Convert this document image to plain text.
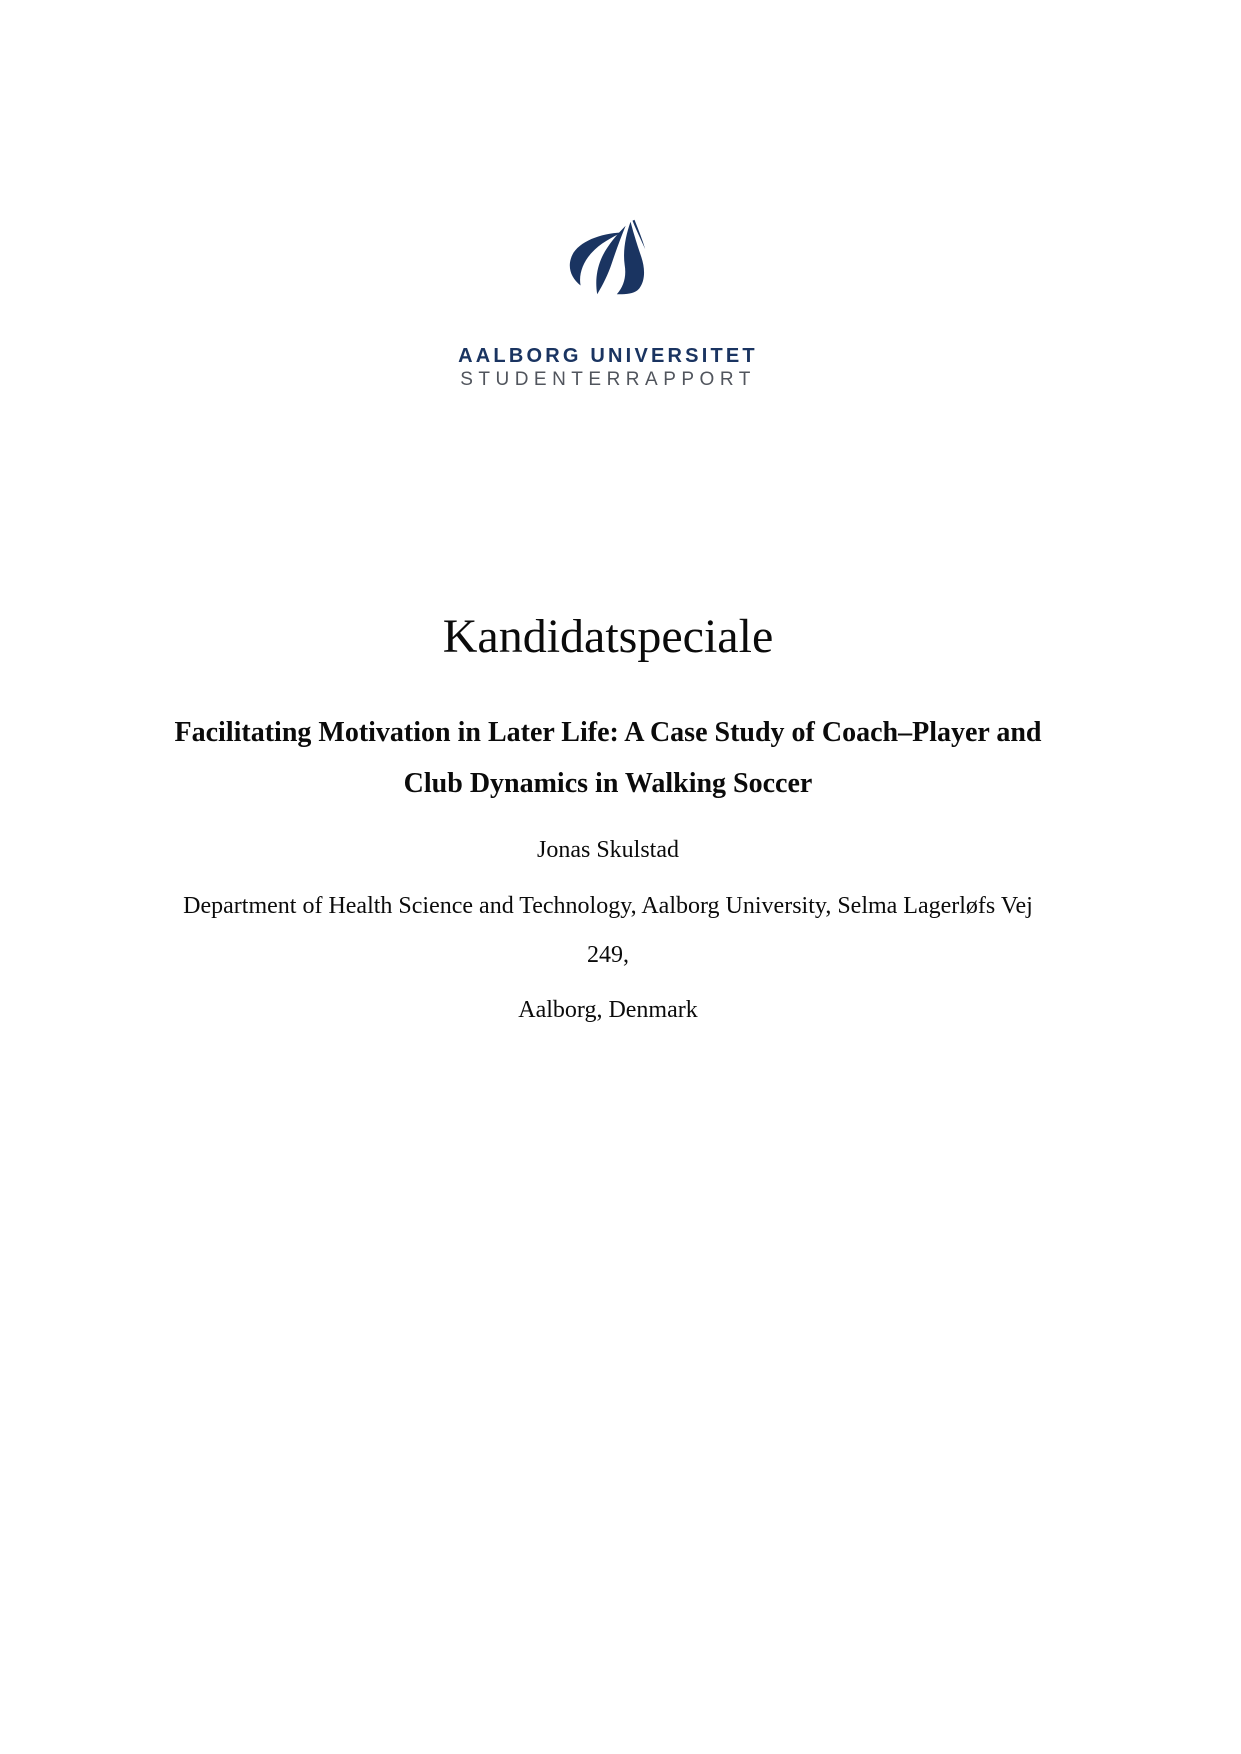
AALBORG UNIVERSITET
STUDENTERRAPPORT
Kandidatspeciale
Facilitating Motivation in Later Life: A Case Study of Coach–Player and
Club Dynamics in Walking Soccer
Jonas Skulstad
Department of Health Science and Technology, Aalborg University, Selma Lagerløfs Vej
249,
Aalborg, Denmark
